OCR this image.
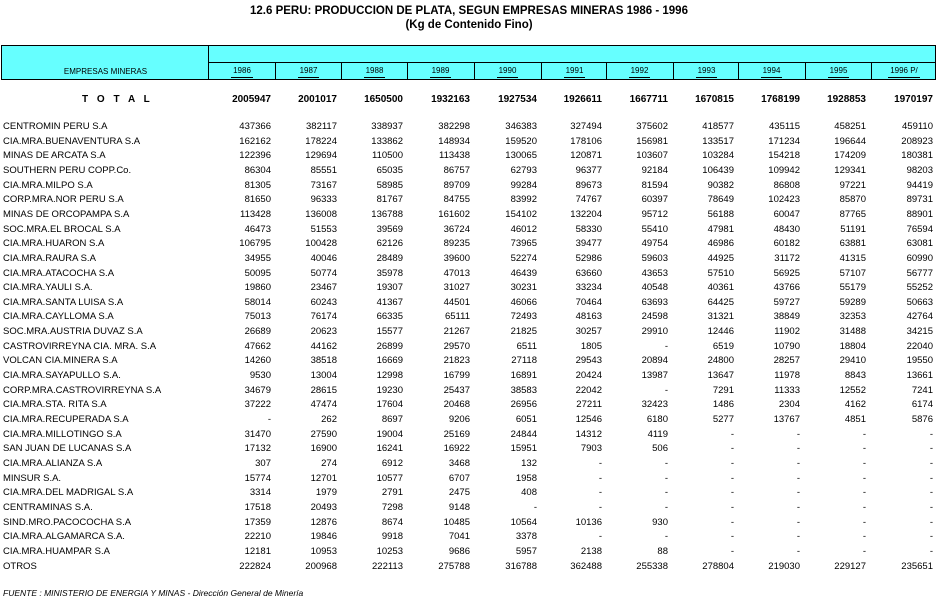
12.6 PERU: PRODUCCION DE PLATA, SEGUN EMPRESAS MINERAS 1986 - 1996
(Kg de Contenido Fino)
EMPRESAS MINERAS	1986	1987	1988	1989	1990	1991	1992	1993	1994	1995	1996 P/
T O T A L	2005947	2001017	1650500	1932163	1927534	1926611	1667711	1670815	1768199	1928853	1970197
CENTROMIN PERU S.A	437366	382117	338937	382298	346383	327494	375602	418577	435115	458251	459110
CIA.MRA.BUENAVENTURA S.A	162162	178224	133862	148934	159520	178106	156981	133517	171234	196644	208923
MINAS DE ARCATA S.A	122396	129694	110500	113438	130065	120871	103607	103284	154218	174209	180381
SOUTHERN PERU COPP.Co.	86304	85551	65035	86757	62793	96377	92184	106439	109942	129341	98203
CIA.MRA.MILPO S.A	81305	73167	58985	89709	99284	89673	81594	90382	86808	97221	94419
CORP.MRA.NOR PERU S.A	81650	96333	81767	84755	83992	74767	60397	78649	102423	85870	89731
MINAS DE ORCOPAMPA S.A	113428	136008	136788	161602	154102	132204	95712	56188	60047	87765	88901
SOC.MRA.EL BROCAL S.A	46473	51553	39569	36724	46012	58330	55410	47981	48430	51191	76594
CIA.MRA.HUARON S.A	106795	100428	62126	89235	73965	39477	49754	46986	60182	63881	63081
CIA.MRA.RAURA S.A	34955	40046	28489	39600	52274	52986	59603	44925	31172	41315	60990
CIA.MRA.ATACOCHA S.A	50095	50774	35978	47013	46439	63660	43653	57510	56925	57107	56777
CIA.MRA.YAULI S.A.	19860	23467	19307	31027	30231	33234	40548	40361	43766	55179	55252
CIA.MRA.SANTA LUISA S.A	58014	60243	41367	44501	46066	70464	63693	64425	59727	59289	50663
CIA.MRA.CAYLLOMA S.A	75013	76174	66335	65111	72493	48163	24598	31321	38849	32353	42764
SOC.MRA.AUSTRIA DUVAZ S.A	26689	20623	15577	21267	21825	30257	29910	12446	11902	31488	34215
CASTROVIRREYNA CIA. MRA. S.A	47662	44162	26899	29570	6511	1805	-	6519	10790	18804	22040
VOLCAN CIA.MINERA S.A	14260	38518	16669	21823	27118	29543	20894	24800	28257	29410	19550
CIA.MRA.SAYAPULLO S.A.	9530	13004	12998	16799	16891	20424	13987	13647	11978	8843	13661
CORP.MRA.CASTROVIRREYNA S.A	34679	28615	19230	25437	38583	22042	-	7291	11333	12552	7241
CIA.MRA.STA. RITA S.A	37222	47474	17604	20468	26956	27211	32423	1486	2304	4162	6174
CIA.MRA.RECUPERADA S.A	-	262	8697	9206	6051	12546	6180	5277	13767	4851	5876
CIA.MRA.MILLOTINGO S.A	31470	27590	19004	25169	24844	14312	4119	-	-	-	-
SAN JUAN DE LUCANAS S.A	17132	16900	16241	16922	15951	7903	506	-	-	-	-
CIA.MRA.ALIANZA S.A	307	274	6912	3468	132	-	-	-	-	-	-
MINSUR S.A.	15774	12701	10577	6707	1958	-	-	-	-	-	-
CIA.MRA.DEL MADRIGAL S.A	3314	1979	2791	2475	408	-	-	-	-	-	-
CENTRAMINAS S.A.	17518	20493	7298	9148	-	-	-	-	-	-	-
SIND.MRO.PACOCOCHA S.A	17359	12876	8674	10485	10564	10136	930	-	-	-	-
CIA.MRA.ALGAMARCA S.A.	22210	19846	9918	7041	3378	-	-	-	-	-	-
CIA.MRA.HUAMPAR S.A	12181	10953	10253	9686	5957	2138	88	-	-	-	-
OTROS	222824	200968	222113	275788	316788	362488	255338	278804	219030	229127	235651
FUENTE : MINISTERIO DE ENERGIA Y MINAS - Dirección General de Minería
